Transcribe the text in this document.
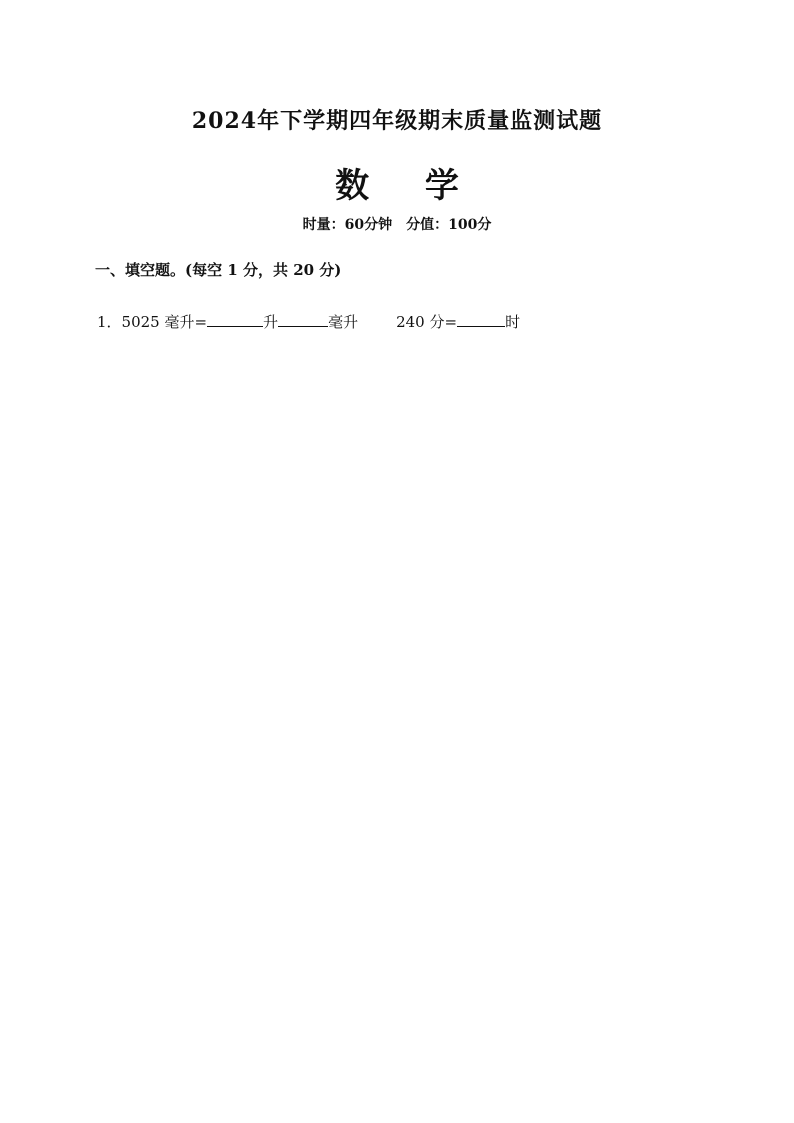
2024年下学期四年级期末质量监测试题
数 学
时量：60分钟　分值：100分
一、填空题。(每空 1 分，共 20 分)
1．5025 毫升=	升	毫升	240 分=	时
